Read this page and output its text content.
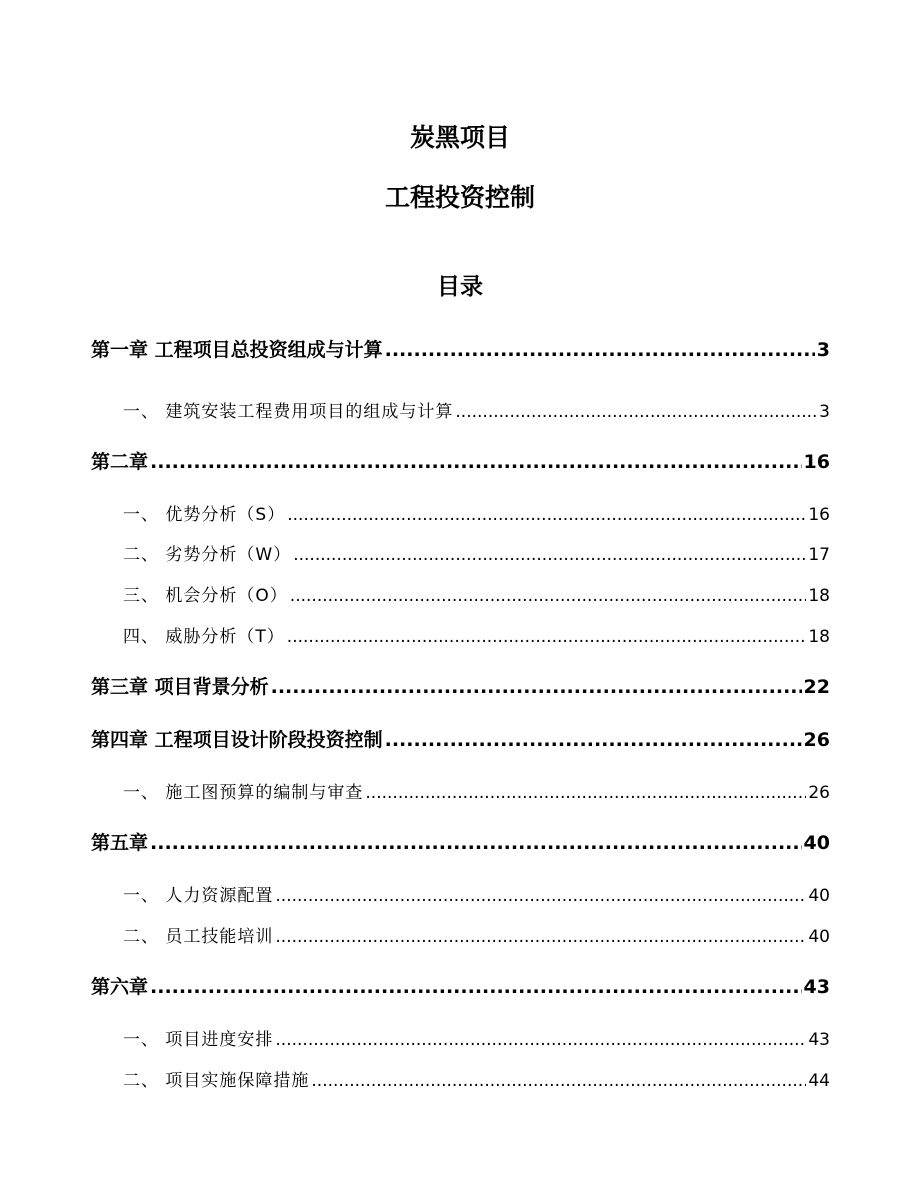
炭黑项目
工程投资控制
目录
第一章 工程项目总投资组成与计算 .....	3
一、 建筑安装工程费用项目的组成与计算 .....	3
第二章 .....	16
一、 优势分析（S） .....	16
二、 劣势分析（W） .....	17
三、 机会分析（O） .....	18
四、 威胁分析（T） .....	18
第三章 项目背景分析 .....	22
第四章 工程项目设计阶段投资控制 .....	26
一、 施工图预算的编制与审查 .....	26
第五章 .....	40
一、 人力资源配置 .....	40
二、 员工技能培训 .....	40
第六章 .....	43
一、 项目进度安排 .....	43
二、 项目实施保障措施 .....	44
